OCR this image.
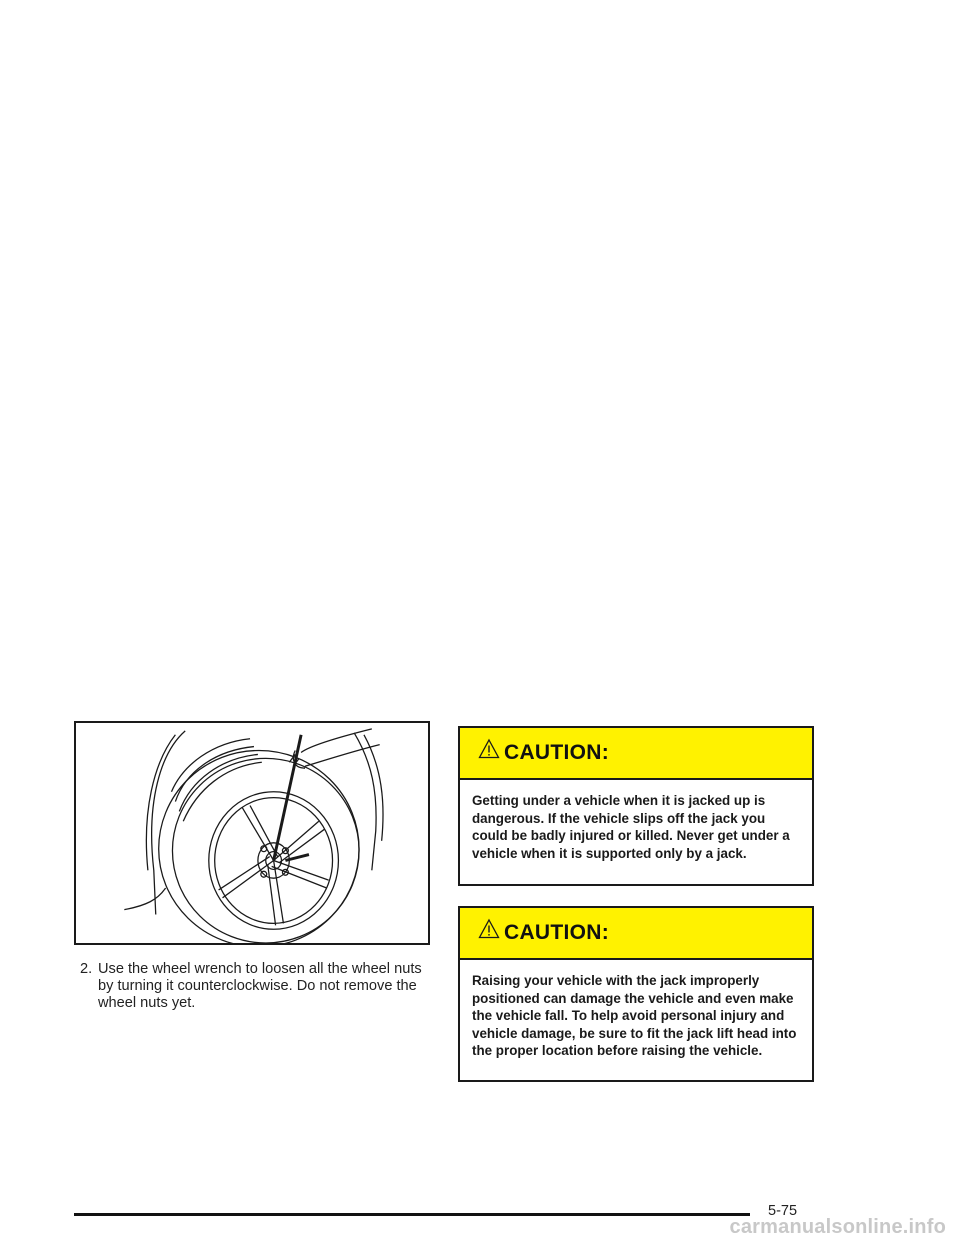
2. Use the wheel wrench to loosen all the wheel nuts by turning it counterclockwise. Do not remove the wheel nuts yet.
CAUTION:
Getting under a vehicle when it is jacked up is dangerous. If the vehicle slips off the jack you could be badly injured or killed. Never get under a vehicle when it is supported only by a jack.
CAUTION:
Raising your vehicle with the jack improperly positioned can damage the vehicle and even make the vehicle fall. To help avoid personal injury and vehicle damage, be sure to fit the jack lift head into the proper location before raising the vehicle.
5-75
carmanualsonline.info
